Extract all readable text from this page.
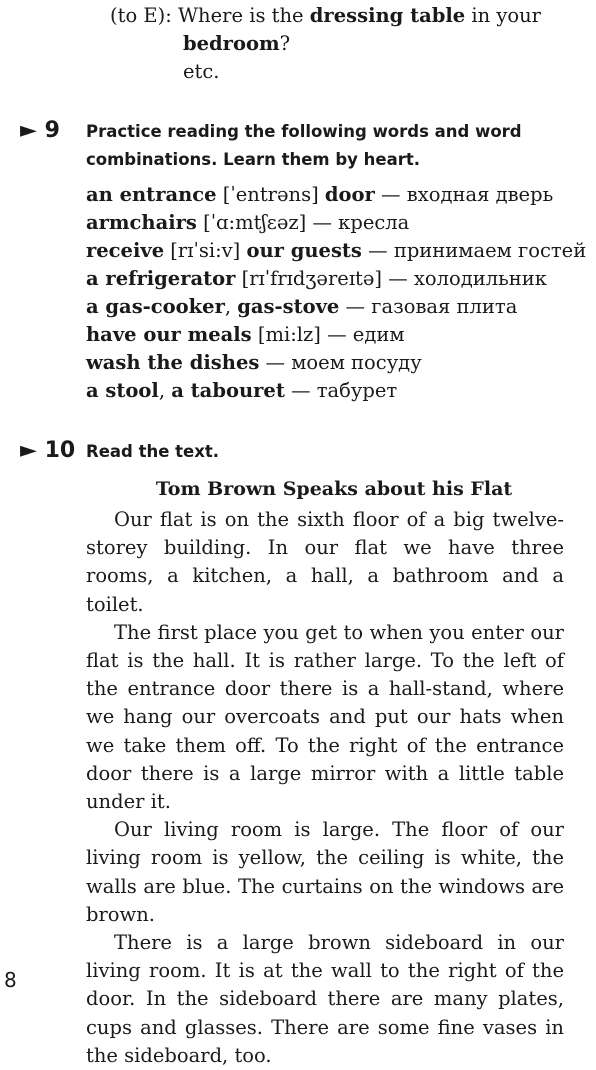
(to E): Where is the dressing table in your
bedroom?
etc.
► 9 Practice reading the following words and word combinations. Learn them by heart.
an entrance [ˈentrəns] door — входная дверь
armchairs [ˈɑ:mtʃɛəz] — кресла
receive [rɪˈsi:v] our guests — принимаем гостей
a refrigerator [rɪˈfrɪdʒəreɪtə] — холодильник
a gas-cooker, gas-stove — газовая плита
have our meals [mi:lz] — едим
wash the dishes — моем посуду
a stool, a tabouret — табурет
► 10 Read the text.
Tom Brown Speaks about his Flat

Our flat is on the sixth floor of a big twelve-storey building. In our flat we have three rooms, a kitchen, a hall, a bathroom and a toilet.

The first place you get to when you enter our flat is the hall. It is rather large. To the left of the entrance door there is a hall-stand, where we hang our overcoats and put our hats when we take them off. To the right of the entrance door there is a large mirror with a little table under it.

Our living room is large. The floor of our living room is yellow, the ceiling is white, the walls are blue. The curtains on the windows are brown.

There is a large brown sideboard in our living room. It is at the wall to the right of the door. In the sideboard there are many plates, cups and glasses. There are some fine vases in the sideboard, too.

8
